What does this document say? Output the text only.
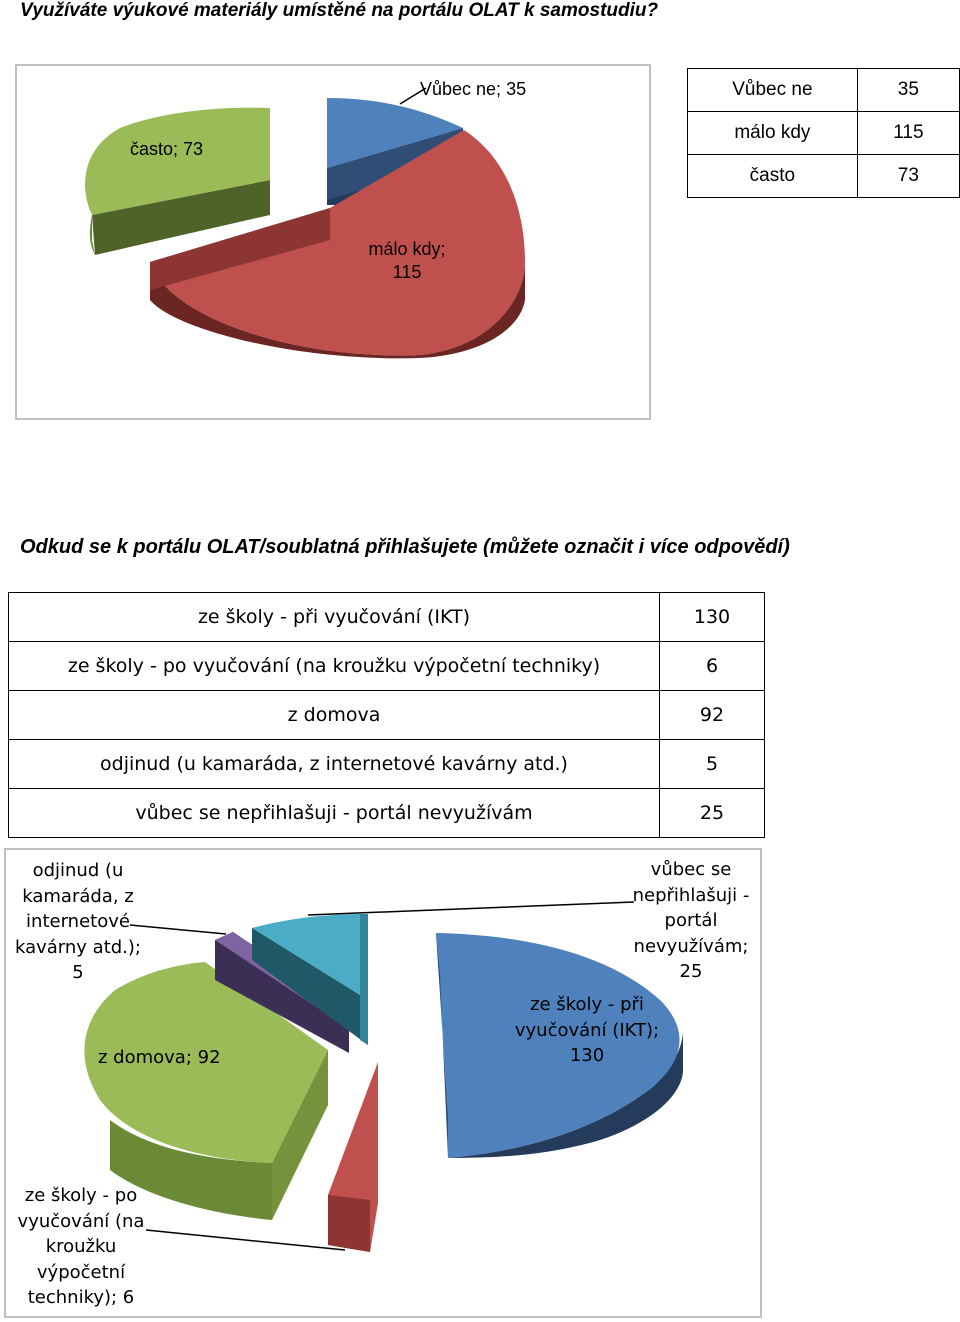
Využíváte výukové materiály umístěné na portálu OLAT k samostudiu?

Vůbec ne; 35
málo kdy;
115
často; 73
Vůbec ne	35
málo kdy	115
často	73

Odkud se k portálu OLAT/soublatná přihlašujete (můžete označit i více odpovědí)

ze školy - při vyučování (IKT)	130
ze školy - po vyučování (na kroužku výpočetní techniky)	6
z domova	92
odjinud (u kamaráda, z internetové kavárny atd.)	5
vůbec se nepřihlašuji - portál nevyužívám	25
odjinud (u
kamaráda, z
internetové
kavárny atd.); 5
vůbec se
nepřihlašuji -
portál
nevyužívám;
25
ze školy - při
vyučování (IKT);
130
z domova; 92
ze školy - po
vyučování (na
kroužku
výpočetní
techniky); 6
